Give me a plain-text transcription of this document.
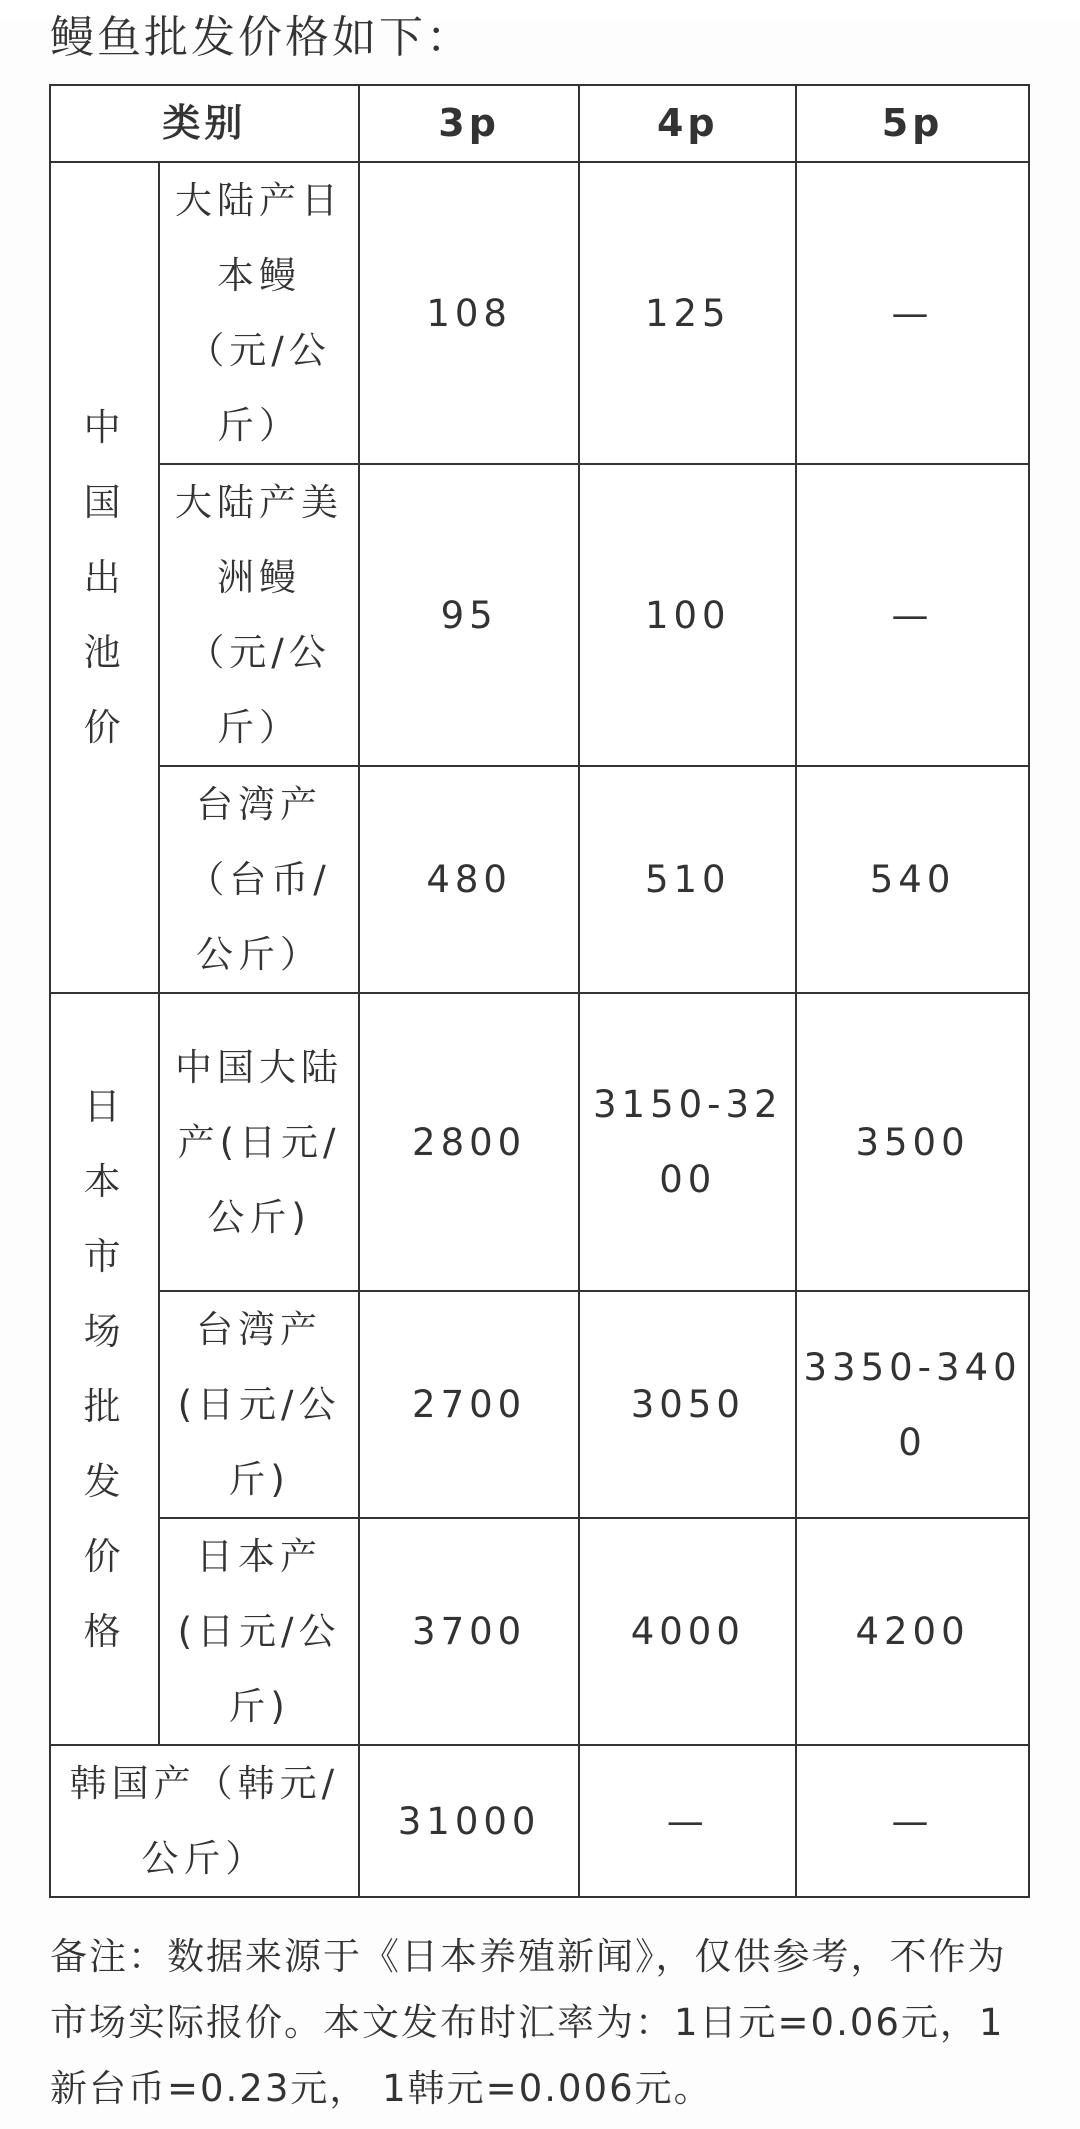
鳗鱼批发价格如下：
类别		3p	4p	5p
中国出池价	大陆产日本鳗（元/公斤）	108	125	—
	大陆产美洲鳗（元/公斤）	95	100	—
	台湾产（台币/公斤）	480	510	540
日本市场批发价格	中国大陆产(日元/公斤)	2800	3150-3200	3500
	台湾产(日元/公斤)	2700	3050	3350-3400
	日本产(日元/公斤)	3700	4000	4200
韩国产（韩元/公斤）		31000	—	—
备注：数据来源于《日本养殖新闻》，仅供参考，不作为市场实际报价。本文发布时汇率为：1日元=0.06元，1新台币=0.23元， 1韩元=0.006元。
